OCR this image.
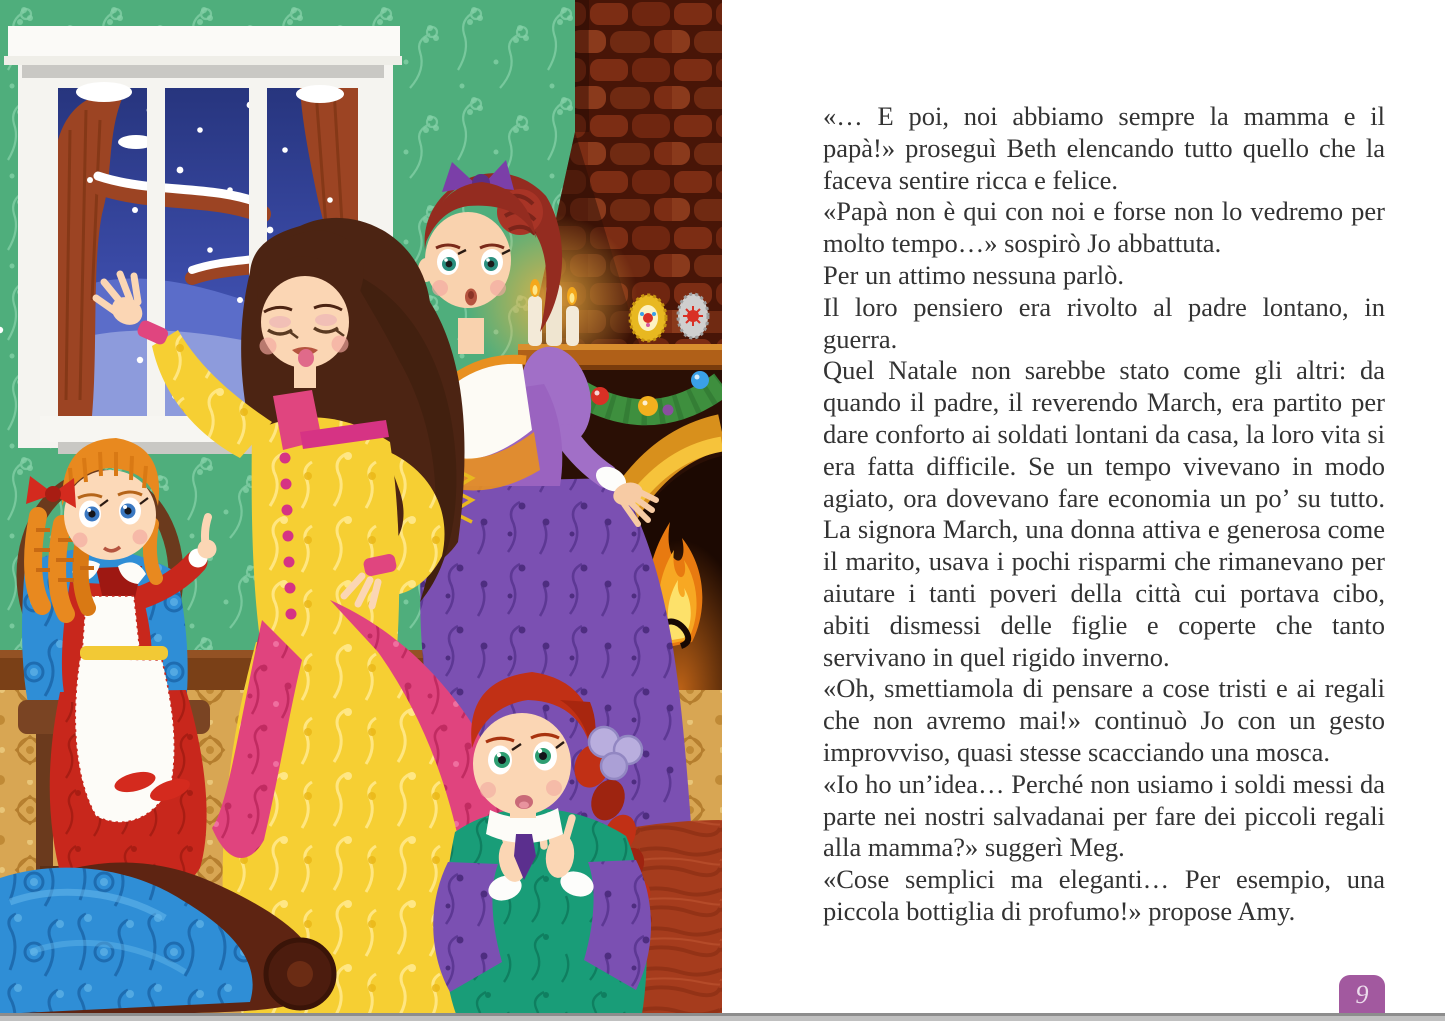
«… E poi, noi abbiamo sempre la mamma e il papà!» proseguì Beth elencando tutto quello che la faceva sentire ricca e felice.

«Papà non è qui con noi e forse non lo vedremo per molto tempo…» sospirò Jo abbattuta.

Per un attimo nessuna parlò.

Il loro pensiero era rivolto al padre lontano, in guerra.

Quel Natale non sarebbe stato come gli altri: da quando il padre, il reverendo March, era partito per dare conforto ai soldati lontani da casa, la loro vita si era fatta difficile. Se un tempo vivevano in modo agiato, ora dovevano fare economia un po’ su tutto. La signora March, una donna attiva e generosa come il marito, usava i pochi risparmi che rimanevano per aiutare i tanti poveri della città cui portava cibo, abiti dismessi delle figlie e coperte che tanto servivano in quel rigido inverno.

«Oh, smettiamola di pensare a cose tristi e ai regali che non avremo mai!» continuò Jo con un gesto improvviso, quasi stesse scacciando una mosca.

«Io ho un’idea… Perché non usiamo i soldi messi da parte nei nostri salvadanai per fare dei piccoli regali alla mamma?» suggerì Meg.

«Cose semplici ma eleganti… Per esempio, una piccola bottiglia di profumo!» propose Amy.

9
